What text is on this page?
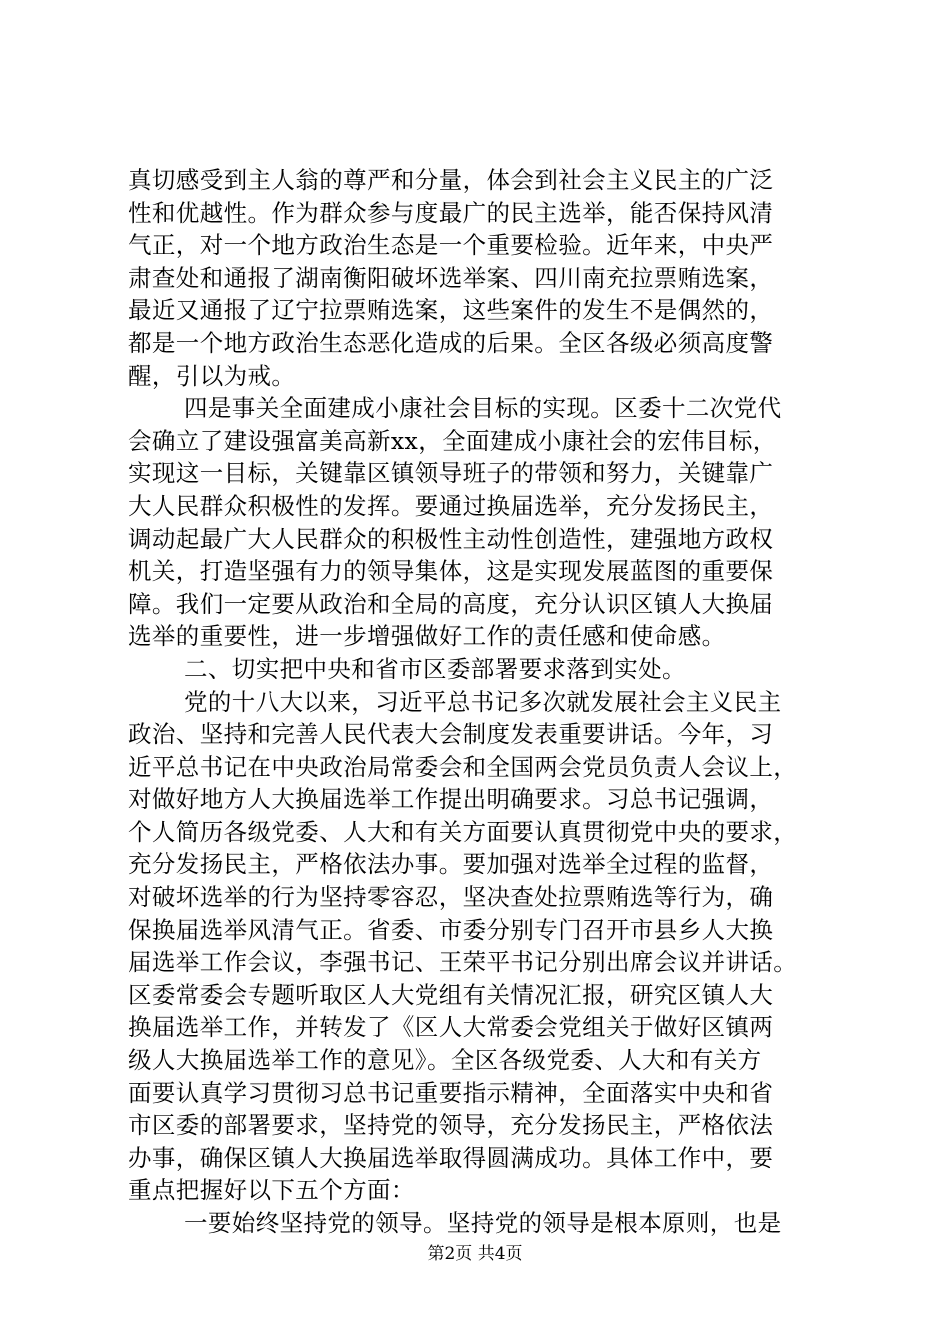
真切感受到主人翁的尊严和分量，体会到社会主义民主的广泛
性和优越性。作为群众参与度最广的民主选举，能否保持风清
气正，对一个地方政治生态是一个重要检验。近年来，中央严
肃查处和通报了湖南衡阳破坏选举案、四川南充拉票贿选案，
最近又通报了辽宁拉票贿选案，这些案件的发生不是偶然的，
都是一个地方政治生态恶化造成的后果。全区各级必须高度警
醒，引以为戒。
四是事关全面建成小康社会目标的实现。区委十二次党代
会确立了建设强富美高新xx，全面建成小康社会的宏伟目标，
实现这一目标，关键靠区镇领导班子的带领和努力，关键靠广
大人民群众积极性的发挥。要通过换届选举，充分发扬民主，
调动起最广大人民群众的积极性主动性创造性，建强地方政权
机关，打造坚强有力的领导集体，这是实现发展蓝图的重要保
障。我们一定要从政治和全局的高度，充分认识区镇人大换届
选举的重要性，进一步增强做好工作的责任感和使命感。
二、切实把中央和省市区委部署要求落到实处。
党的十八大以来，习近平总书记多次就发展社会主义民主
政治、坚持和完善人民代表大会制度发表重要讲话。今年，习
近平总书记在中央政治局常委会和全国两会党员负责人会议上，
对做好地方人大换届选举工作提出明确要求。习总书记强调，
个人简历各级党委、人大和有关方面要认真贯彻党中央的要求，
充分发扬民主，严格依法办事。要加强对选举全过程的监督，
对破坏选举的行为坚持零容忍，坚决查处拉票贿选等行为，确
保换届选举风清气正。省委、市委分别专门召开市县乡人大换
届选举工作会议，李强书记、王荣平书记分别出席会议并讲话。
区委常委会专题听取区人大党组有关情况汇报，研究区镇人大
换届选举工作，并转发了《区人大常委会党组关于做好区镇两
级人大换届选举工作的意见》。全区各级党委、人大和有关方
面要认真学习贯彻习总书记重要指示精神，全面落实中央和省
市区委的部署要求，坚持党的领导，充分发扬民主，严格依法
办事，确保区镇人大换届选举取得圆满成功。具体工作中，要
重点把握好以下五个方面：
一要始终坚持党的领导。坚持党的领导是根本原则，也是
第2页 共4页
